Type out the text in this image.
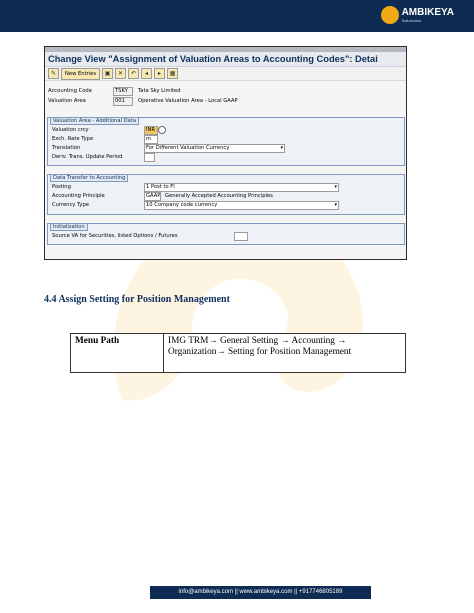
AMBIKEYA
Soluciones
Change View "Assignment of Valuation Areas to Accounting Codes": Detai
✎	New Entries	▣	✕	↶	◂	▸	▦
Accounting Code	TSKY	Tata Sky Limited
Valuation Area	001	Operative Valuation Area - Local GAAP
Valuation Area - Additional Data
Valuation crcy	INR
Exch. Rate Type	m
Translation	For Different Valuation Currency ▾
Deriv. Trans. Update Period
Data Transfer to Accounting
Posting	1 Post to FI ▾
Accounting Principle	GAAP Generally Accepted Accounting Principles
Currency Type	10 Company code currency ▾
Initialization
Source VA for Securities, listed Options / Futures
4.4 Assign Setting for Position Management
Menu Path	IMG TRM→ General Setting → Accounting →
Organization→ Setting for Position Management
info@ambikeya.com || www.ambikeya.com || +917746805189
